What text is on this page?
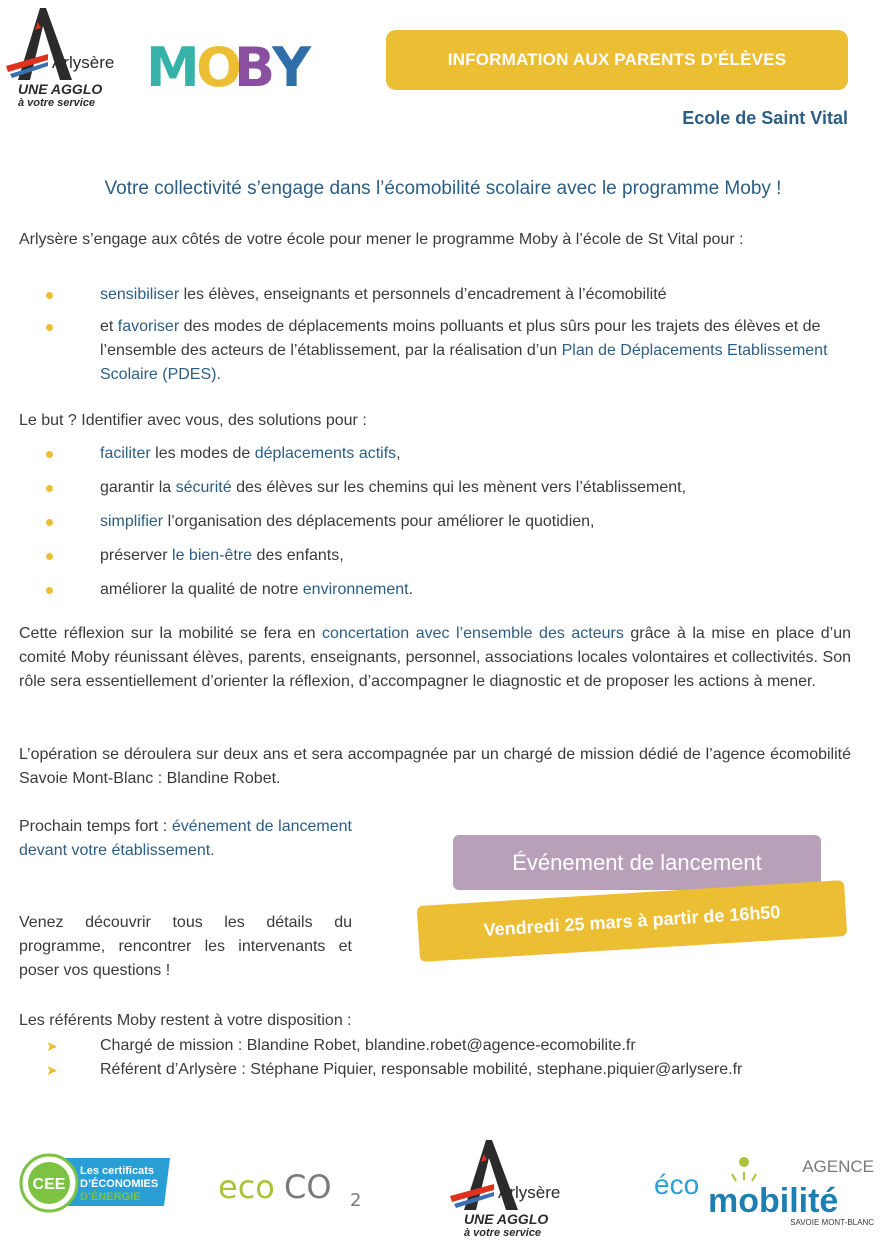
Arlysère
UNE AGGLO
à votre service
M
O
B
Y	INFORMATION AUX PARENTS D’ÉLÈVES
Ecole de Saint Vital
Votre collectivité s’engage dans l’écomobilité scolaire avec le programme Moby !

Arlysère s’engage aux côtés de votre école pour mener le programme Moby à l’école de St Vital pour :

sensibiliser les élèves, enseignants et personnels d’encadrement à l’écomobilité
et favoriser des modes de déplacements moins polluants et plus sûrs pour les trajets des élèves et de l’ensemble des acteurs de l’établissement, par la réalisation d’un Plan de Déplacements Etablissement Scolaire (PDES).

Le but ? Identifier avec vous, des solutions pour :

faciliter les modes de déplacements actifs,
garantir la sécurité des élèves sur les chemins qui les mènent vers l’établissement,
simplifier l’organisation des déplacements pour améliorer le quotidien,
préserver le bien-être des enfants,
améliorer la qualité de notre environnement.

Cette réflexion sur la mobilité se fera en concertation avec l’ensemble des acteurs grâce à la mise en place d’un comité Moby réunissant élèves, parents, enseignants, personnel, associations locales volontaires et collectivités. Son rôle sera essentiellement d’orienter la réflexion, d’accompagner le diagnostic et de proposer les actions à mener.

L’opération se déroulera sur deux ans et sera accompagnée par un chargé de mission dédié de l’agence écomobilité Savoie Mont-Blanc : Blandine Robet.

Prochain temps fort : événement de lancement devant votre établissement.

Venez découvrir tous les détails du programme, rencontrer les intervenants et poser vos questions !

Événement de lancement
Vendredi 25 mars à partir de 16h50

Les référents Moby restent à votre disposition :

➤	Chargé de mission : Blandine Robet, blandine.robet@agence-ecomobilite.fr
➤	Référent d’Arlysère : Stéphane Piquier, responsable mobilité, stephane.piquier@arlysere.fr
CEE
Les certificats
D’ÉCONOMIES
D’ÉNERGIE eco CO 2	Arlysère
UNE AGGLO
à votre service
AGENCE
éco mobilité
SAVOIE MONT-BLANC
